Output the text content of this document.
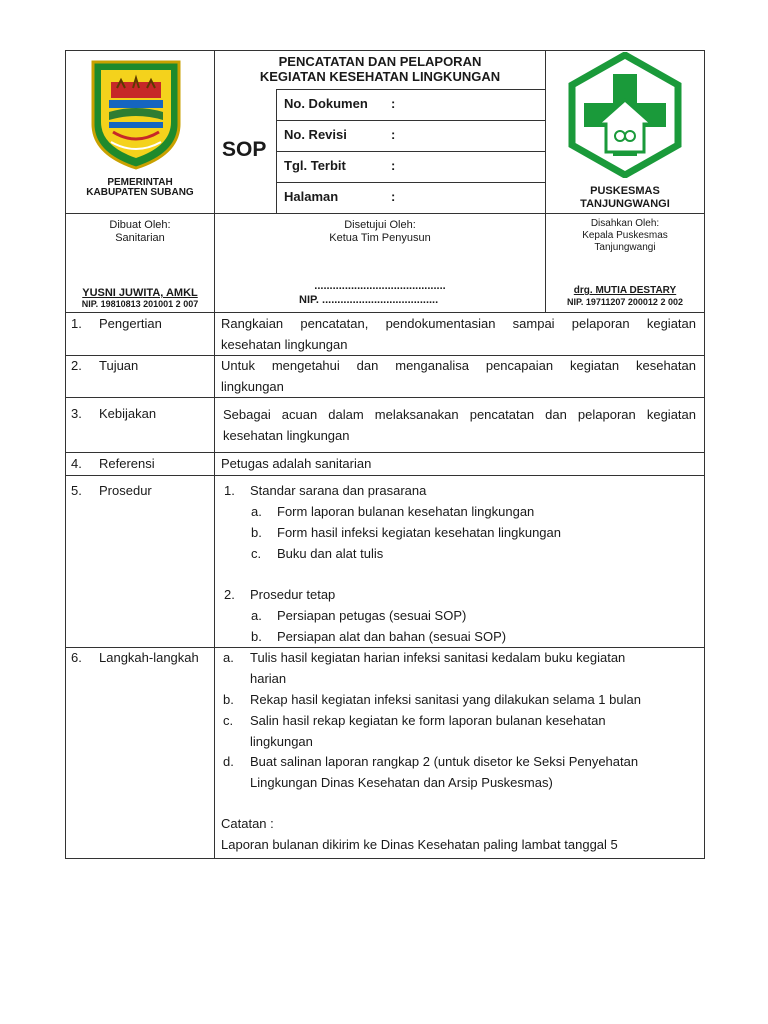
PEMERINTAH
KABUPATEN SUBANG
PENCATATAN DAN PELAPORAN
KEGIATAN KESEHATAN LINGKUNGAN
SOP
No. Dokumen :
No. Revisi	:
Tgl. Terbit	:
Halaman	:	PUSKESMAS
TANJUNGWANGI
Dibuat Oleh:
Sanitarian
YUSNI JUWITA, AMKL
NIP. 19810813 201001 2 007
Disetujui Oleh:
Ketua Tim Penyusun
...........................................
NIP. ......................................
Disahkan Oleh:
Kepala Puskesmas
Tanjungwangi
drg. MUTIA DESTARY
NIP. 19711207 200012 2 002
1. Pengertian	Rangkaian pencatatan, pendokumentasian sampai pelaporan kegiatan
kesehatan lingkungan
2. Tujuan	Untuk mengetahui dan menganalisa pencapaian kegiatan kesehatan
lingkungan
3. Kebijakan	Sebagai acuan dalam melaksanakan pencatatan dan pelaporan kegiatan
kesehatan lingkungan
4. Referensi	Petugas adalah sanitarian
5. Prosedur	1. Standar sarana dan prasarana
a. Form laporan bulanan kesehatan lingkungan
b. Form hasil infeksi kegiatan kesehatan lingkungan
c. Buku dan alat tulis
2. Prosedur tetap
a. Persiapan petugas (sesuai SOP)
b. Persiapan alat dan bahan (sesuai SOP)
6. Langkah-langkah a. Tulis hasil kegiatan harian infeksi sanitasi kedalam buku kegiatan
harian
b. Rekap hasil kegiatan infeksi sanitasi yang dilakukan selama 1 bulan
c. Salin hasil rekap kegiatan ke form laporan bulanan kesehatan
lingkungan
d. Buat salinan laporan rangkap 2 (untuk disetor ke Seksi Penyehatan
Lingkungan Dinas Kesehatan dan Arsip Puskesmas)
Catatan :
Laporan bulanan dikirim ke Dinas Kesehatan paling lambat tanggal 5
